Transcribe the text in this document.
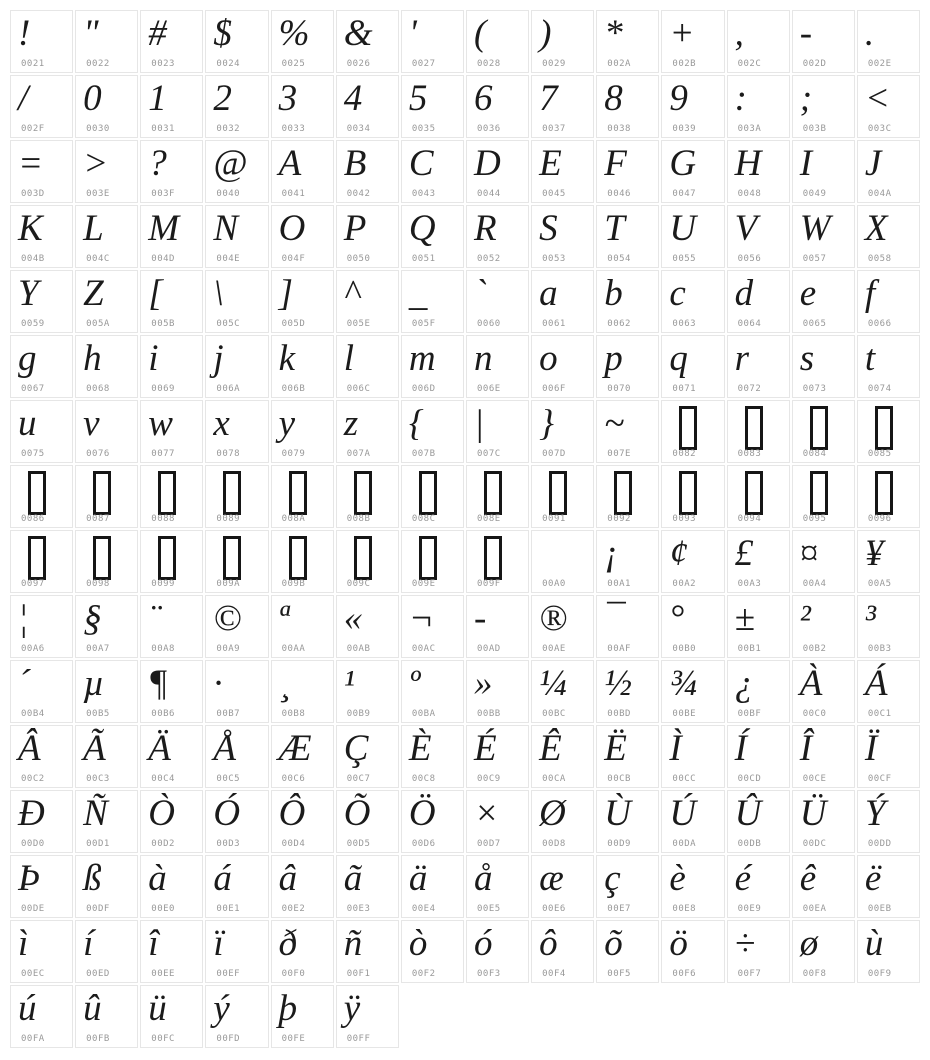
!
0021
"
0022
#
0023
$
0024
%
0025
&
0026
'
0027
(
0028
)
0029
*
002A
+
002B
,
002C
-
002D
.
002E
/
002F
0
0030
1
0031
2
0032
3
0033
4
0034
5
0035
6
0036
7
0037
8
0038
9
0039
:
003A
;
003B
<
003C
=
003D
>
003E
?
003F
@
0040
A
0041
B
0042
C
0043
D
0044
E
0045
F
0046
G
0047
H
0048
I
0049
J
004A
K
004B
L
004C
M
004D
N
004E
O
004F
P
0050
Q
0051
R
0052
S
0053
T
0054
U
0055
V
0056
W
0057
X
0058
Y
0059
Z
005A
[
005B
\
005C
]
005D
^
005E
_
005F
`
0060
a
0061
b
0062
c
0063
d
0064
e
0065
f
0066
g
0067
h
0068
i
0069
j
006A
k
006B
l
006C
m
006D
n
006E
o
006F
p
0070
q
0071
r
0072
s
0073
t
0074
u
0075
v
0076
w
0077
x
0078
y
0079
z
007A
{
007B
|
007C
}
007D
~
007E	0082	0083	0084	0085
0086	0087	0088	0089	008A	008B	008C	008E	0091	0092	0093	0094	0095	0096
0097	0098	0099	009A	009B	009C	009E	009F	00A0
¡
00A1
¢
00A2
£
00A3
¤
00A4
¥
00A5
¦
00A6
§
00A7
¨
00A8
©
00A9
ª
00AA
«
00AB
¬
00AC
-
00AD
®
00AE
¯
00AF
°
00B0
±
00B1
²
00B2
³
00B3
´
00B4
µ
00B5
¶
00B6
·
00B7
¸
00B8
¹
00B9
º
00BA
»
00BB
¼
00BC
½
00BD
¾
00BE
¿
00BF
À
00C0
Á
00C1
Â
00C2
Ã
00C3
Ä
00C4
Å
00C5
Æ
00C6
Ç
00C7
È
00C8
É
00C9
Ê
00CA
Ë
00CB
Ì
00CC
Í
00CD
Î
00CE
Ï
00CF
Ð
00D0
Ñ
00D1
Ò
00D2
Ó
00D3
Ô
00D4
Õ
00D5
Ö
00D6
×
00D7
Ø
00D8
Ù
00D9
Ú
00DA
Û
00DB
Ü
00DC
Ý
00DD
Þ
00DE
ß
00DF
à
00E0
á
00E1
â
00E2
ã
00E3
ä
00E4
å
00E5
æ
00E6
ç
00E7
è
00E8
é
00E9
ê
00EA
ë
00EB
ì
00EC
í
00ED
î
00EE
ï
00EF
ð
00F0
ñ
00F1
ò
00F2
ó
00F3
ô
00F4
õ
00F5
ö
00F6
÷
00F7
ø
00F8
ù
00F9
ú
00FA
û
00FB
ü
00FC
ý
00FD
þ
00FE
ÿ
00FF
